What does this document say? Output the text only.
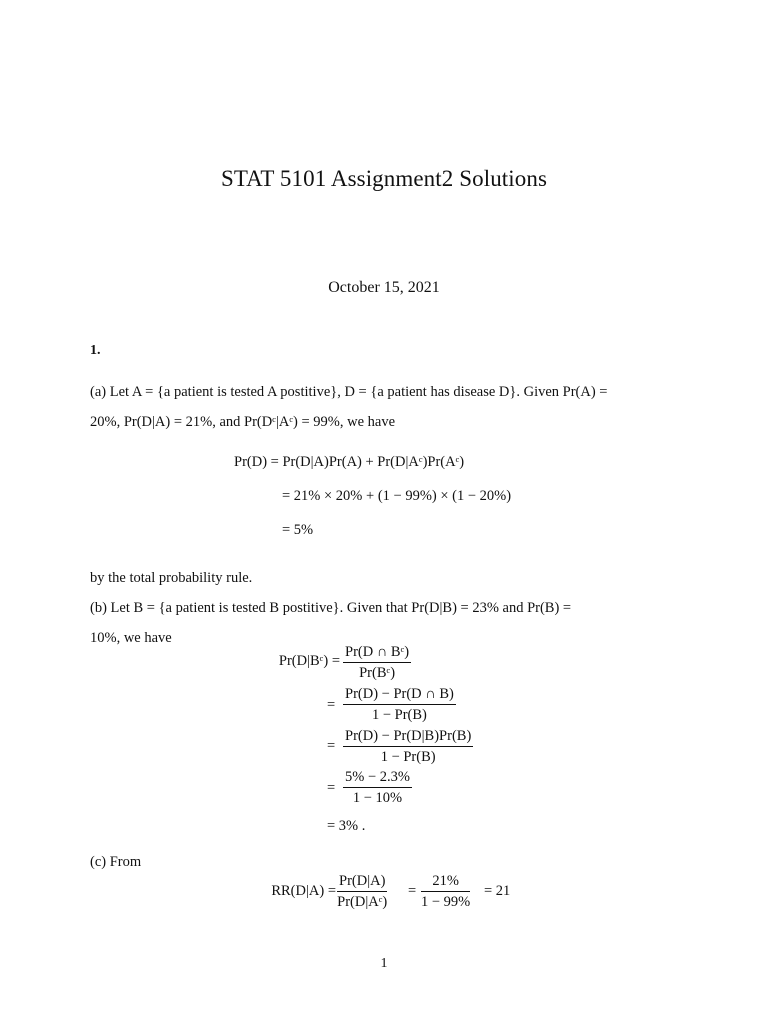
STAT 5101 Assignment2 Solutions
October 15, 2021
1.
(a) Let A = {a patient is tested A postitive}, D = {a patient has disease D}. Given Pr(A) =
20%, Pr(D|A) = 21%, and Pr(Dᶜ|Aᶜ) = 99%, we have
Pr(D) = Pr(D|A)Pr(A) + Pr(D|Aᶜ)Pr(Aᶜ)
= 21% × 20% + (1 − 99%) × (1 − 20%)
= 5%
by the total probability rule.
(b) Let B = {a patient is tested B postitive}. Given that Pr(D|B) = 23% and Pr(B) =
10%, we have
Pr(D|Bᶜ) = $\frac{\text{Pr(D ∩ Bᶜ)}}{\text{Pr(Bᶜ)}}$
= $\frac{Pr(D) - Pr(D \cap B)}{1 - Pr(B)}$
= $\frac{Pr(D) - Pr(D|B)Pr(B)}{1 - Pr(B)}$
= $\frac{5\% - 2.3\%}{1 - 10\%}$
= 3% .
(c) From
$RR(D|A) = \frac{Pr(D|A)}{\text{Pr(D|Aᶜ)}} = \frac{21\%}{1 - 99\%} = 21$
1
